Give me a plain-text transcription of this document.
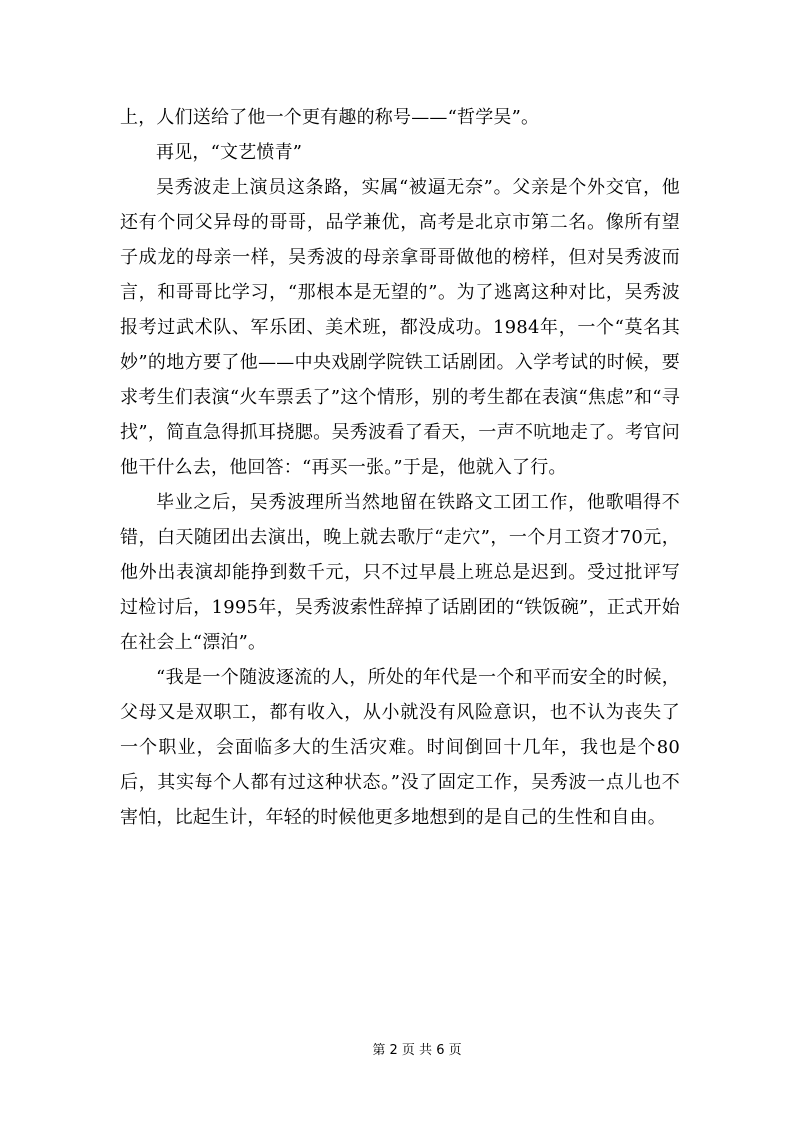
上，人们送给了他一个更有趣的称号——“哲学吴”。

再见，“文艺愤青”

吴秀波走上演员这条路，实属“被逼无奈”。父亲是个外交官，他还有个同父异母的哥哥，品学兼优，高考是北京市第二名。像所有望子成龙的母亲一样，吴秀波的母亲拿哥哥做他的榜样，但对吴秀波而言，和哥哥比学习，“那根本是无望的”。为了逃离这种对比，吴秀波报考过武术队、军乐团、美术班，都没成功。1984年，一个“莫名其妙”的地方要了他——中央戏剧学院铁工话剧团。入学考试的时候，要求考生们表演“火车票丢了”这个情形，别的考生都在表演“焦虑”和“寻找”，简直急得抓耳挠腮。吴秀波看了看天，一声不吭地走了。考官问他干什么去，他回答：“再买一张。”于是，他就入了行。

毕业之后，吴秀波理所当然地留在铁路文工团工作，他歌唱得不错，白天随团出去演出，晚上就去歌厅“走穴”，一个月工资才70元，他外出表演却能挣到数千元，只不过早晨上班总是迟到。受过批评写过检讨后，1995年，吴秀波索性辞掉了话剧团的“铁饭碗”，正式开始在社会上“漂泊”。

“我是一个随波逐流的人，所处的年代是一个和平而安全的时候，父母又是双职工，都有收入，从小就没有风险意识，也不认为丧失了一个职业，会面临多大的生活灾难。时间倒回十几年，我也是个80后，其实每个人都有过这种状态。”没了固定工作，吴秀波一点儿也不害怕，比起生计，年轻的时候他更多地想到的是自己的生性和自由。

第 2 页 共 6 页
